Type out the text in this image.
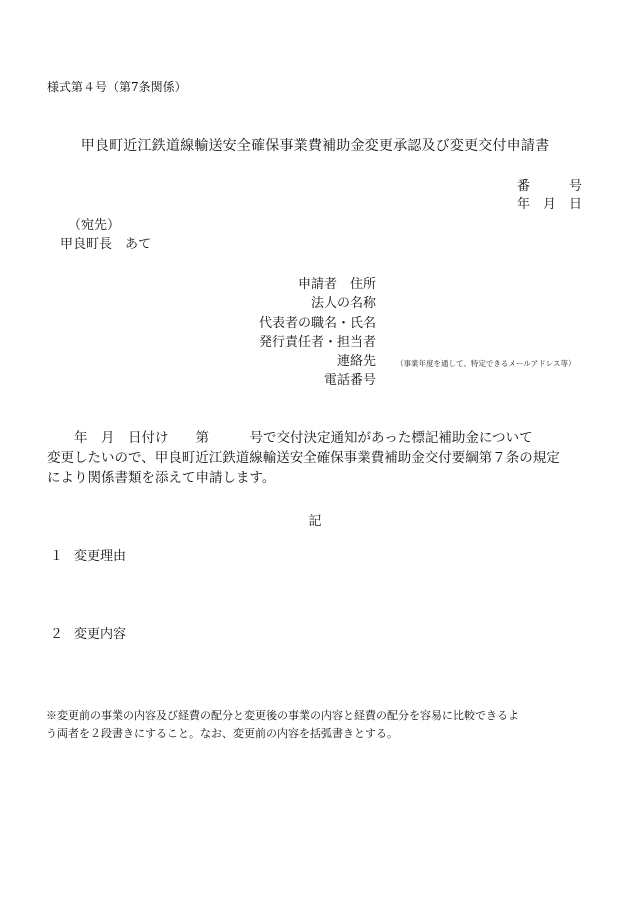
様式第４号（第7条関係）
甲良町近江鉄道線輸送安全確保事業費補助金変更承認及び変更交付申請書
番　　　号
年　月　日
（宛先）
甲良町長　あて
申請者　住所
法人の名称
代表者の職名・氏名
発行責任者・担当者
連絡先	（事業年度を通して、特定できるメールアドレス等）
電話番号
　　年　月　日付け　　第　　　号で交付決定通知があった標記補助金について
変更したいので、甲良町近江鉄道線輸送安全確保事業費補助金交付要綱第７条の規定
により関係書類を添えて申請します。
記
１ 変更理由
２ 変更内容
※変更前の事業の内容及び経費の配分と変更後の事業の内容と経費の配分を容易に比較できるよ
う両者を２段書きにすること。なお、変更前の内容を括弧書きとする。
